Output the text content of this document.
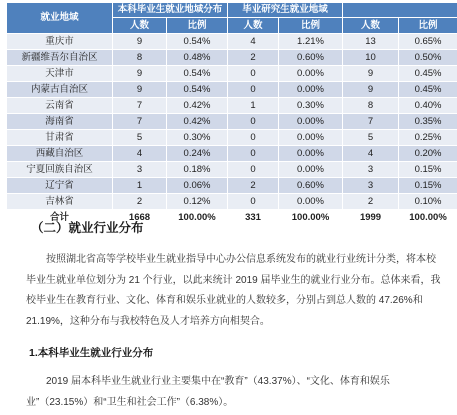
就业地域	本科毕业生就业地域分布		毕业研究生就业地域			
	人数	比例	人数	比例	人数	比例
重庆市	9	0.54%	4	1.21%	13	0.65%
新疆维吾尔自治区	8	0.48%	2	0.60%	10	0.50%
天津市	9	0.54%	0	0.00%	9	0.45%
内蒙古自治区	9	0.54%	0	0.00%	9	0.45%
云南省	7	0.42%	1	0.30%	8	0.40%
海南省	7	0.42%	0	0.00%	7	0.35%
甘肃省	5	0.30%	0	0.00%	5	0.25%
西藏自治区	4	0.24%	0	0.00%	4	0.20%
宁夏回族自治区	3	0.18%	0	0.00%	3	0.15%
辽宁省	1	0.06%	2	0.60%	3	0.15%
吉林省	2	0.12%	0	0.00%	2	0.10%
合计	1668	100.00%	331	100.00%	1999	100.00%
（二）就业行业分布
按照湖北省高等学校毕业生就业指导中心办公信息系统发布的就业行业统计分类，将本校毕业生就业单位划分为 21 个行业，以此来统计 2019 届毕业生的就业行业分布。总体来看，我校毕业生在教育行业、文化、体育和娱乐业就业的人数较多，分别占到总人数的 47.26%和 21.19%，这种分布与我校特色及人才培养方向相契合。
1.本科毕业生就业行业分布
2019 届本科毕业生就业行业主要集中在“教育”（43.37%）、“文化、体育和娱乐业”（23.15%）和“卫生和社会工作”（6.38%）。
